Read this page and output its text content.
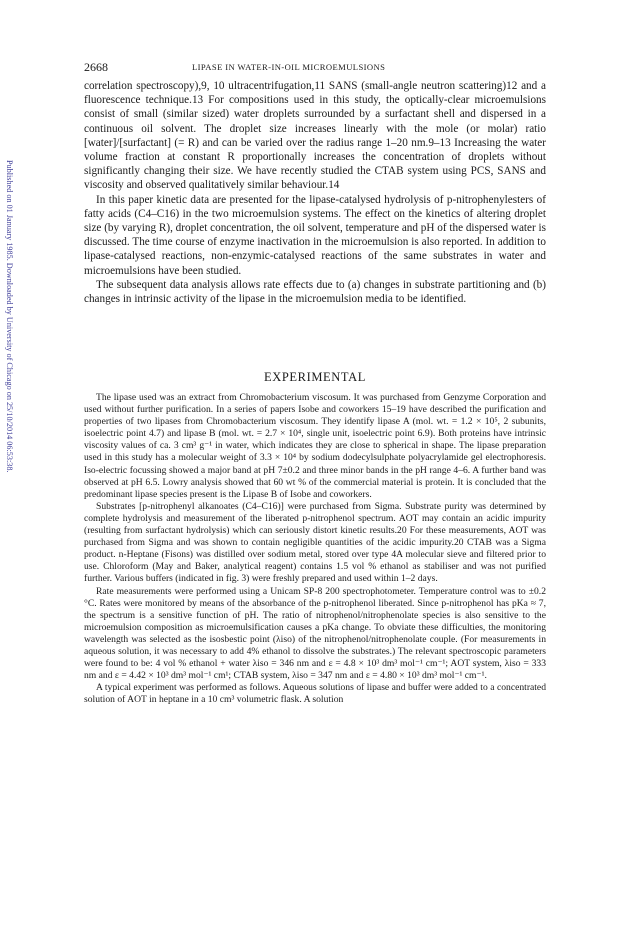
Published on 01 January 1985. Downloaded by University of Chicago on 25/10/2014 06:53:38.
2668	LIPASE IN WATER-IN-OIL MICROEMULSIONS

correlation spectroscopy),9, 10 ultracentrifugation,11 SANS (small-angle neutron scattering)12 and a fluorescence technique.13 For compositions used in this study, the optically-clear microemulsions consist of small (similar sized) water droplets surrounded by a surfactant shell and dispersed in a continuous oil solvent. The droplet size increases linearly with the mole (or molar) ratio [water]/[surfactant] (= R) and can be varied over the radius range 1–20 nm.9–13 Increasing the water volume fraction at constant R proportionally increases the concentration of droplets without significantly changing their size. We have recently studied the CTAB system using PCS, SANS and viscosity and observed qualitatively similar behaviour.14

In this paper kinetic data are presented for the lipase-catalysed hydrolysis of p-nitrophenylesters of fatty acids (C4–C16) in the two microemulsion systems. The effect on the kinetics of altering droplet size (by varying R), droplet concentration, the oil solvent, temperature and pH of the dispersed water is discussed. The time course of enzyme inactivation in the microemulsion is also reported. In addition to lipase-catalysed reactions, non-enzymic-catalysed reactions of the same substrates in water and microemulsions have been studied.

The subsequent data analysis allows rate effects due to (a) changes in substrate partitioning and (b) changes in intrinsic activity of the lipase in the microemulsion media to be identified.

EXPERIMENTAL

The lipase used was an extract from Chromobacterium viscosum. It was purchased from Genzyme Corporation and used without further purification. In a series of papers Isobe and coworkers 15–19 have described the purification and properties of two lipases from Chromobacterium viscosum. They identify lipase A (mol. wt. = 1.2 × 10⁵, 2 subunits, isoelectric point 4.7) and lipase B (mol. wt. = 2.7 × 10⁴, single unit, isoelectric point 6.9). Both proteins have intrinsic viscosity values of ca. 3 cm³ g⁻¹ in water, which indicates they are close to spherical in shape. The lipase preparation used in this study has a molecular weight of 3.3 × 10⁴ by sodium dodecylsulphate polyacrylamide gel electrophoresis. Iso-electric focussing showed a major band at pH 7±0.2 and three minor bands in the pH range 4–6. A further band was observed at pH 6.5. Lowry analysis showed that 60 wt % of the commercial material is protein. It is concluded that the predominant lipase species present is the Lipase B of Isobe and coworkers.

Substrates [p-nitrophenyl alkanoates (C4–C16)] were purchased from Sigma. Substrate purity was determined by complete hydrolysis and measurement of the liberated p-nitrophenol spectrum. AOT may contain an acidic impurity (resulting from surfactant hydrolysis) which can seriously distort kinetic results.20 For these measurements, AOT was purchased from Sigma and was shown to contain negligible quantities of the acidic impurity.20 CTAB was a Sigma product. n-Heptane (Fisons) was distilled over sodium metal, stored over type 4A molecular sieve and filtered prior to use. Chloroform (May and Baker, analytical reagent) contains 1.5 vol % ethanol as stabiliser and was not purified further. Various buffers (indicated in fig. 3) were freshly prepared and used within 1–2 days.

Rate measurements were performed using a Unicam SP-8 200 spectrophotometer. Temperature control was to ±0.2 °C. Rates were monitored by means of the absorbance of the p-nitrophenol liberated. Since p-nitrophenol has pKa ≈ 7, the spectrum is a sensitive function of pH. The ratio of nitrophenol/nitrophenolate species is also sensitive to the microemulsion composition as microemulsification causes a pKa change. To obviate these difficulties, the monitoring wavelength was selected as the isosbestic point (λiso) of the nitrophenol/nitrophenolate couple. (For measurements in aqueous solution, it was necessary to add 4% ethanol to dissolve the substrates.) The relevant spectroscopic parameters were found to be: 4 vol % ethanol + water λiso = 346 nm and ε = 4.8 × 10³ dm³ mol⁻¹ cm⁻¹; AOT system, λiso = 333 nm and ε = 4.42 × 10³ dm³ mol⁻¹ cm¹; CTAB system, λiso = 347 nm and ε = 4.80 × 10³ dm³ mol⁻¹ cm⁻¹.

A typical experiment was performed as follows. Aqueous solutions of lipase and buffer were added to a concentrated solution of AOT in heptane in a 10 cm³ volumetric flask. A solution
